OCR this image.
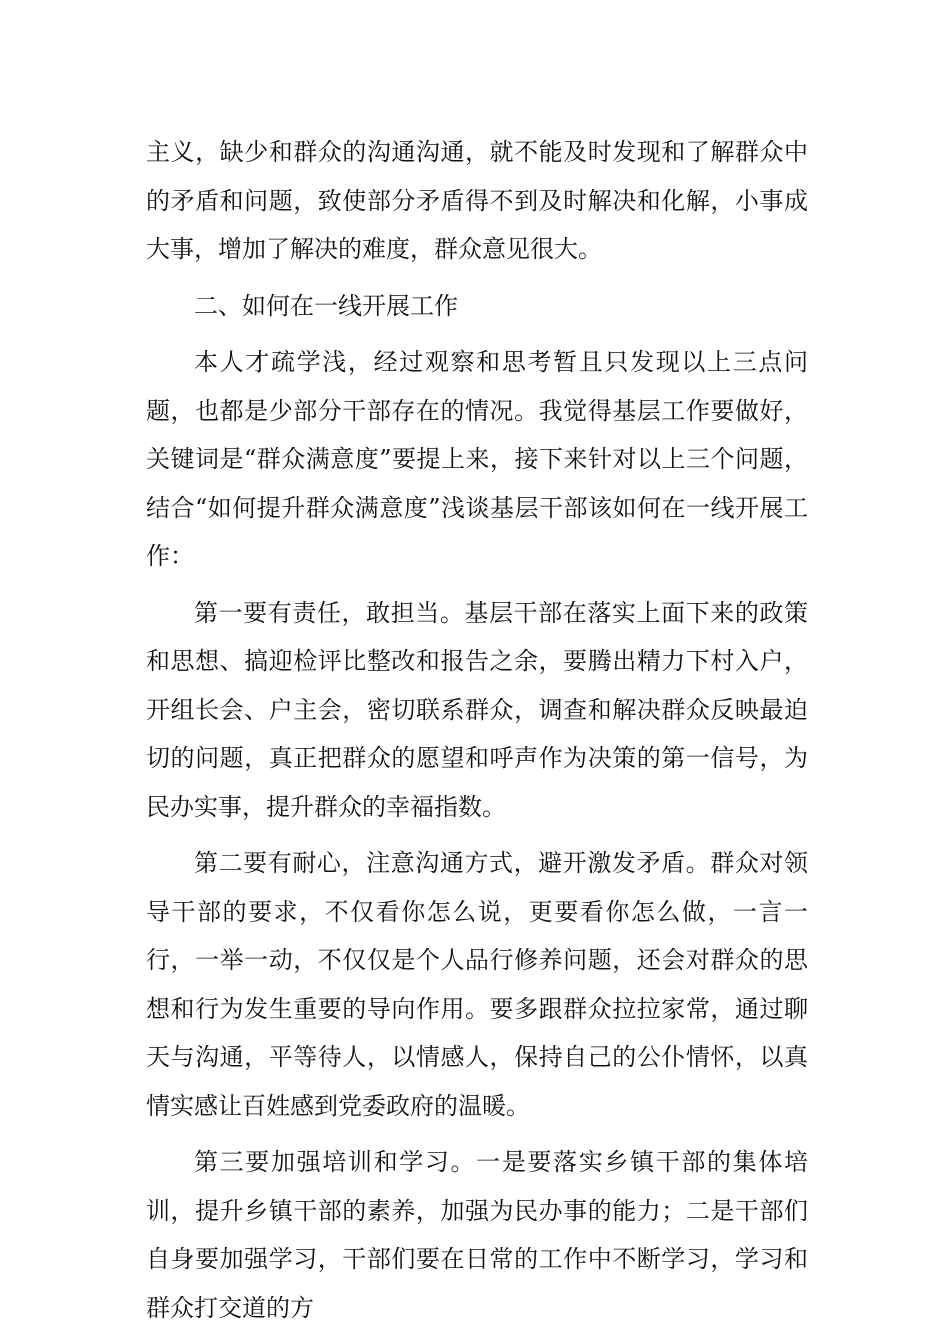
主义，缺少和群众的沟通沟通，就不能及时发现和了解群众中的矛盾和问题，致使部分矛盾得不到及时解决和化解，小事成大事，增加了解决的难度，群众意见很大。

二、如何在一线开展工作

本人才疏学浅，经过观察和思考暂且只发现以上三点问题，也都是少部分干部存在的情况。我觉得基层工作要做好，关键词是“群众满意度”要提上来，接下来针对以上三个问题，结合“如何提升群众满意度”浅谈基层干部该如何在一线开展工作：

第一要有责任，敢担当。基层干部在落实上面下来的政策和思想、搞迎检评比整改和报告之余，要腾出精力下村入户，开组长会、户主会，密切联系群众，调查和解决群众反映最迫切的问题，真正把群众的愿望和呼声作为决策的第一信号，为民办实事，提升群众的幸福指数。

第二要有耐心，注意沟通方式，避开激发矛盾。群众对领导干部的要求，不仅看你怎么说，更要看你怎么做，一言一行，一举一动，不仅仅是个人品行修养问题，还会对群众的思想和行为发生重要的导向作用。要多跟群众拉拉家常，通过聊天与沟通，平等待人，以情感人，保持自己的公仆情怀，以真情实感让百姓感到党委政府的温暖。

第三要加强培训和学习。一是要落实乡镇干部的集体培训，提升乡镇干部的素养，加强为民办事的能力；二是干部们自身要加强学习，干部们要在日常的工作中不断学习，学习和群众打交道的方
